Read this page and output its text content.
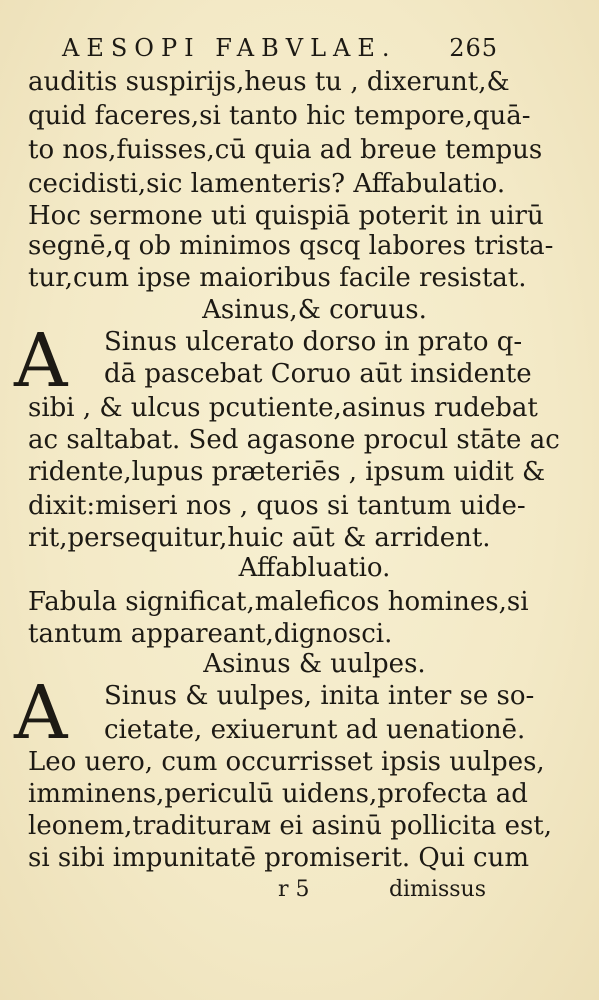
AESOPI FABVLAE. 265
auditis suspirijs,heus tu , dixerunt,&
quid faceres,si tanto hic tempore,quā-
to nos,fuisses,cū quia ad breue tempus
cecidisti,sic lamenteris? Affabulatio.
Hoc sermone uti quispiā poterit in uirū
segnē,q ob minimos qscq labores trista-
tur,cum ipse maioribus facile resistat.
Asinus,& coruus.
A	Sinus ulcerato dorso in prato q-
dā pascebat Coruo aūt insidente
sibi , & ulcus pcutiente,asinus rudebat
ac saltabat. Sed agasone procul stāte ac
ridente,lupus præteriēs , ipsum uidit &
dixit:miseri nos , quos si tantum uide-
rit,persequitur,huic aūt & arrident.
Affabluatio.
Fabula significat,maleficos homines,si
tantum appareant,dignosci.
Asinus & uulpes.
A	Sinus & uulpes, inita inter se so-
cietate, exiuerunt ad uenationē.
Leo uero, cum occurrisset ipsis uulpes,
imminens,periculū uidens,profecta ad
leonem,traditurам ei asinū pollicita est,
si sibi impunitatē promiserit. Qui cum
r 5	dimissus
